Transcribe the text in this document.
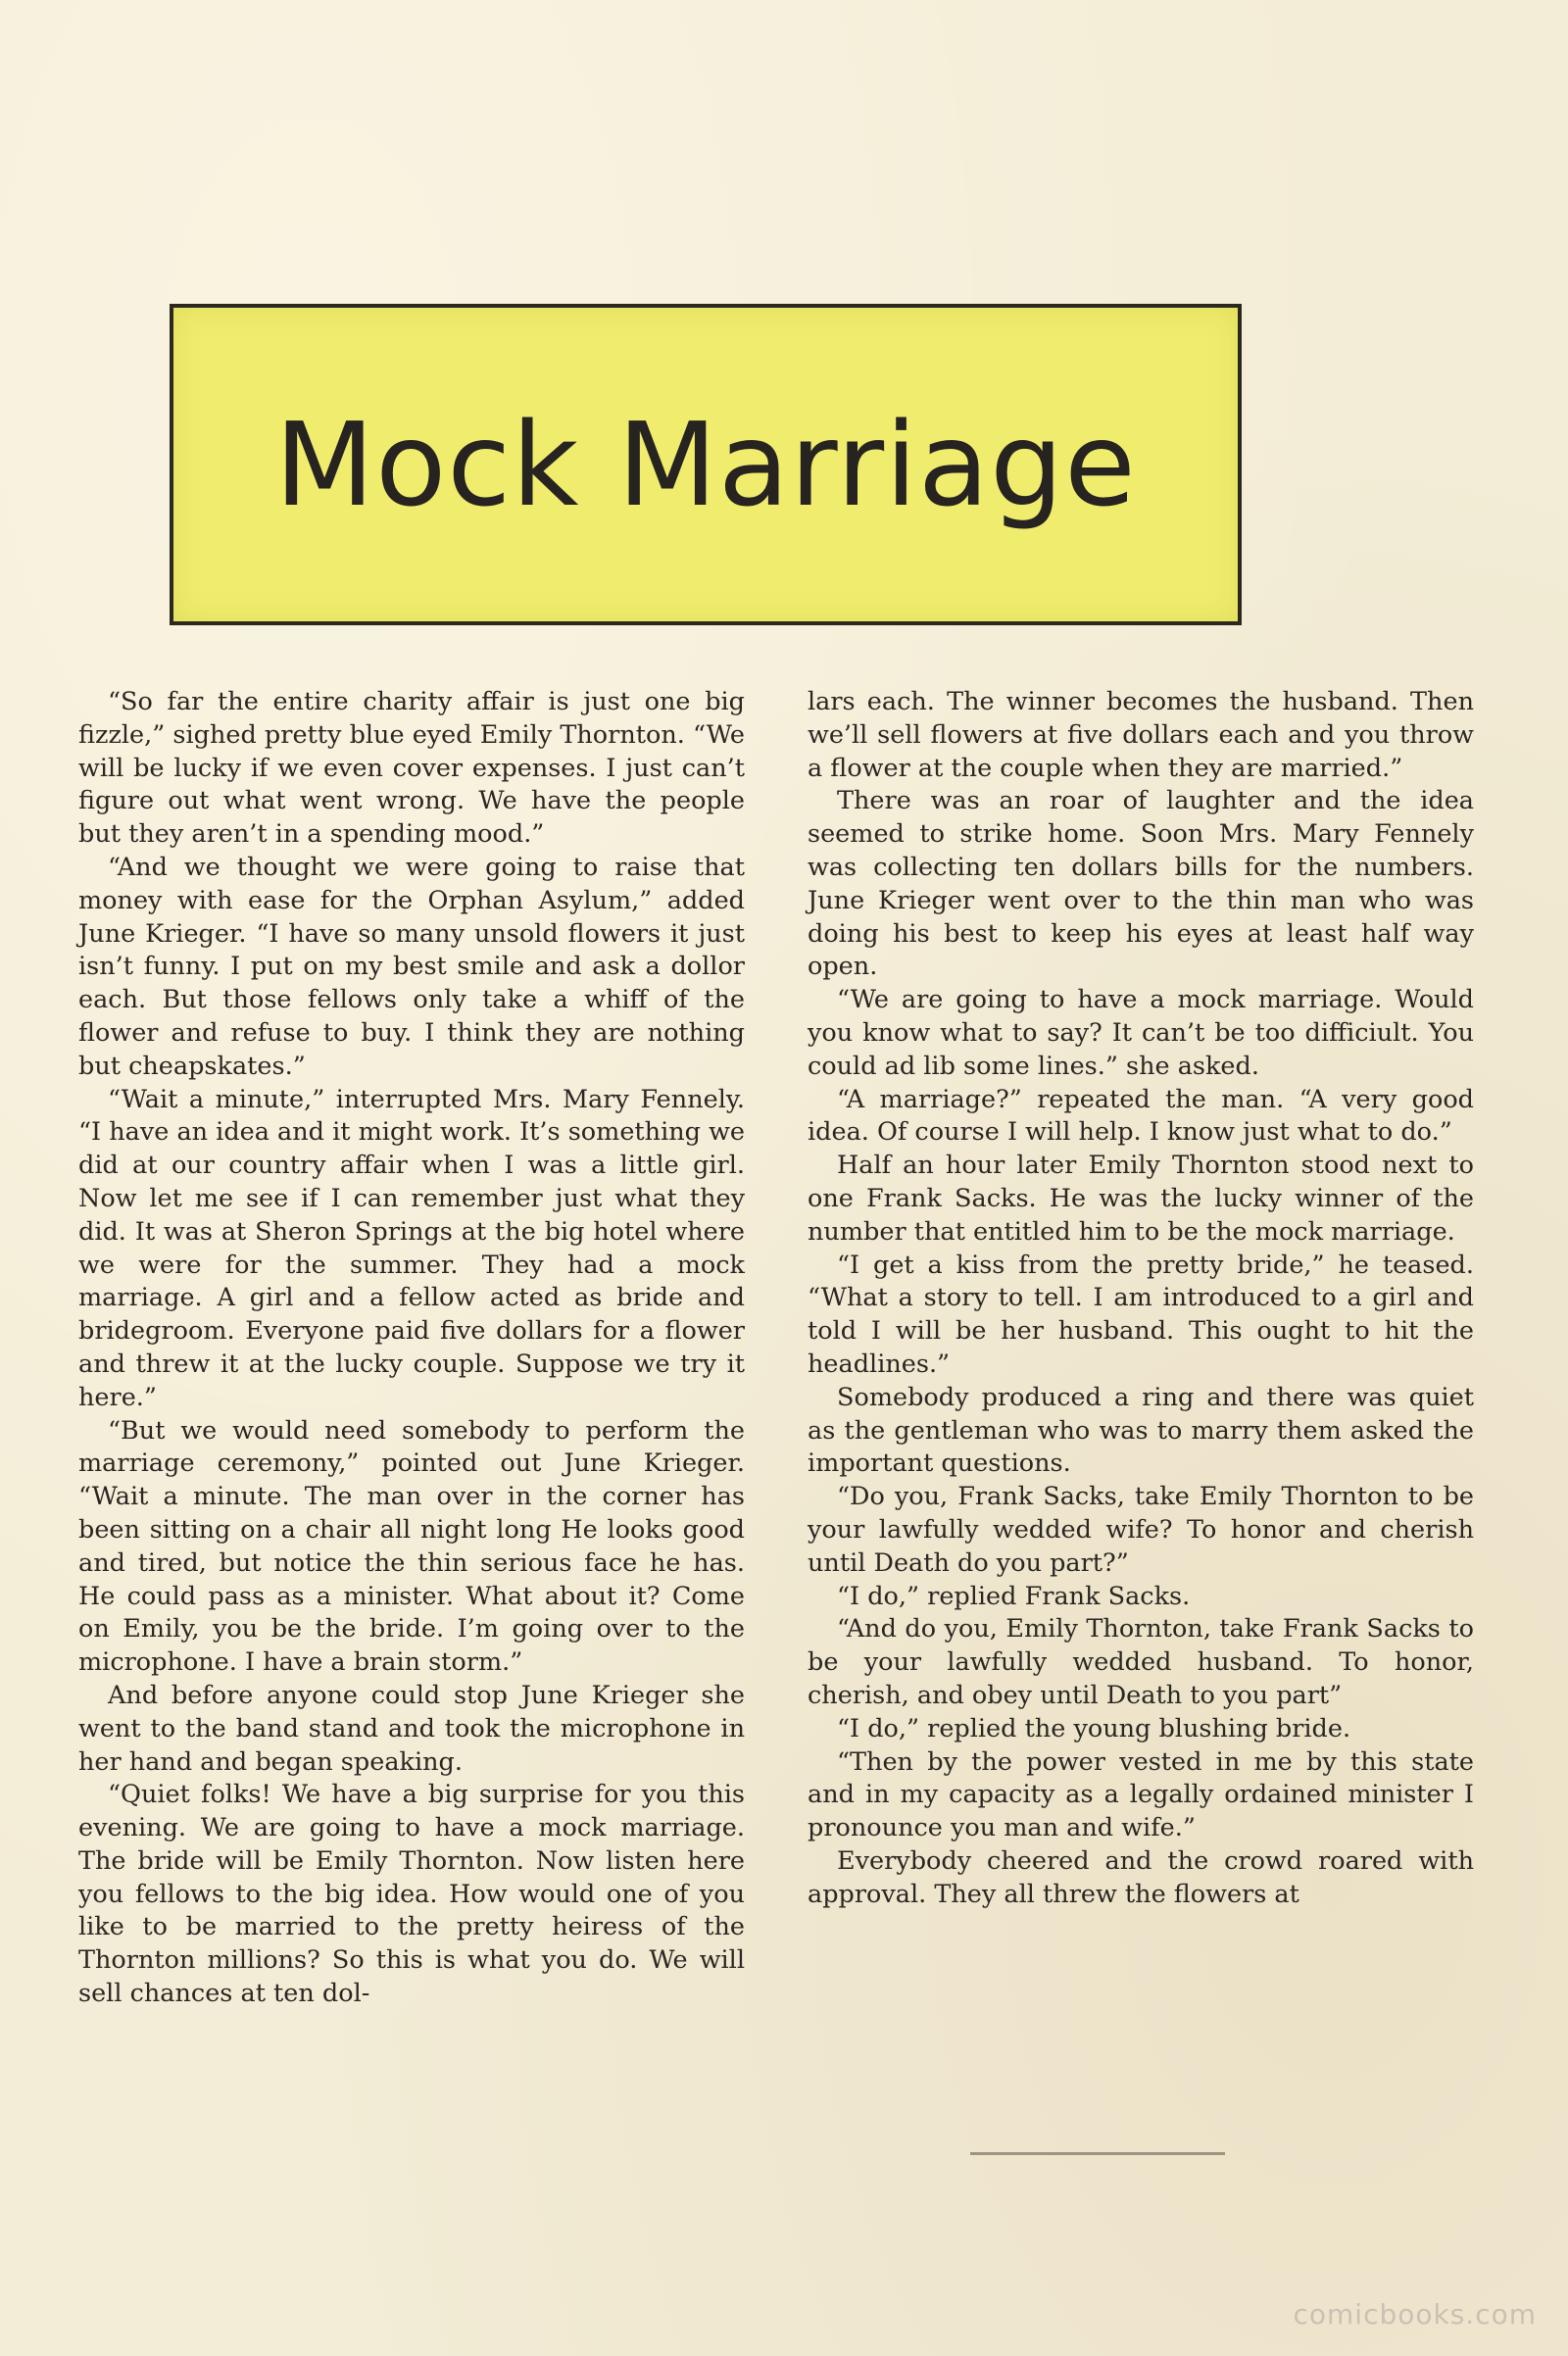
Mock Marriage

“So far the entire charity affair is just one big fizzle,” sighed pretty blue eyed Emily Thornton. “We will be lucky if we even cover expenses. I just can’t figure out what went wrong. We have the people but they aren’t in a spending mood.”

“And we thought we were going to raise that money with ease for the Orphan Asylum,” added June Krieger. “I have so many unsold flowers it just isn’t funny. I put on my best smile and ask a dollor each. But those fellows only take a whiff of the flower and refuse to buy. I think they are nothing but cheapskates.”

“Wait a minute,” interrupted Mrs. Mary Fennely. “I have an idea and it might work. It’s something we did at our country affair when I was a little girl. Now let me see if I can remember just what they did. It was at Sheron Springs at the big hotel where we were for the summer. They had a mock marriage. A girl and a fellow acted as bride and bridegroom. Everyone paid five dollars for a flower and threw it at the lucky couple. Suppose we try it here.”

“But we would need somebody to perform the marriage ceremony,” pointed out June Krieger. “Wait a minute. The man over in the corner has been sitting on a chair all night long He looks good and tired, but notice the thin serious face he has. He could pass as a minister. What about it? Come on Emily, you be the bride. I’m going over to the microphone. I have a brain storm.”

And before anyone could stop June Krieger she went to the band stand and took the microphone in her hand and began speaking.

“Quiet folks! We have a big surprise for you this evening. We are going to have a mock marriage. The bride will be Emily Thornton. Now listen here you fellows to the big idea. How would one of you like to be married to the pretty heiress of the Thornton millions? So this is what you do. We will sell chances at ten dol-

lars each. The winner becomes the husband. Then we’ll sell flowers at five dollars each and you throw a flower at the couple when they are married.”

There was an roar of laughter and the idea seemed to strike home. Soon Mrs. Mary Fennely was collecting ten dollars bills for the numbers. June Krieger went over to the thin man who was doing his best to keep his eyes at least half way open.

“We are going to have a mock marriage. Would you know what to say? It can’t be too difficiult. You could ad lib some lines.” she asked.

“A marriage?” repeated the man. “A very good idea. Of course I will help. I know just what to do.”

Half an hour later Emily Thornton stood next to one Frank Sacks. He was the lucky winner of the number that entitled him to be the mock marriage.

“I get a kiss from the pretty bride,” he teased. “What a story to tell. I am introduced to a girl and told I will be her husband. This ought to hit the headlines.”

Somebody produced a ring and there was quiet as the gentleman who was to marry them asked the important questions.

“Do you, Frank Sacks, take Emily Thornton to be your lawfully wedded wife? To honor and cherish until Death do you part?”

“I do,” replied Frank Sacks.

“And do you, Emily Thornton, take Frank Sacks to be your lawfully wedded husband. To honor, cherish, and obey until Death to you part”

“I do,” replied the young blushing bride.

“Then by the power vested in me by this state and in my capacity as a legally ordained minister I pronounce you man and wife.”

Everybody cheered and the crowd roared with approval. They all threw the flowers at

comicbooks.com
